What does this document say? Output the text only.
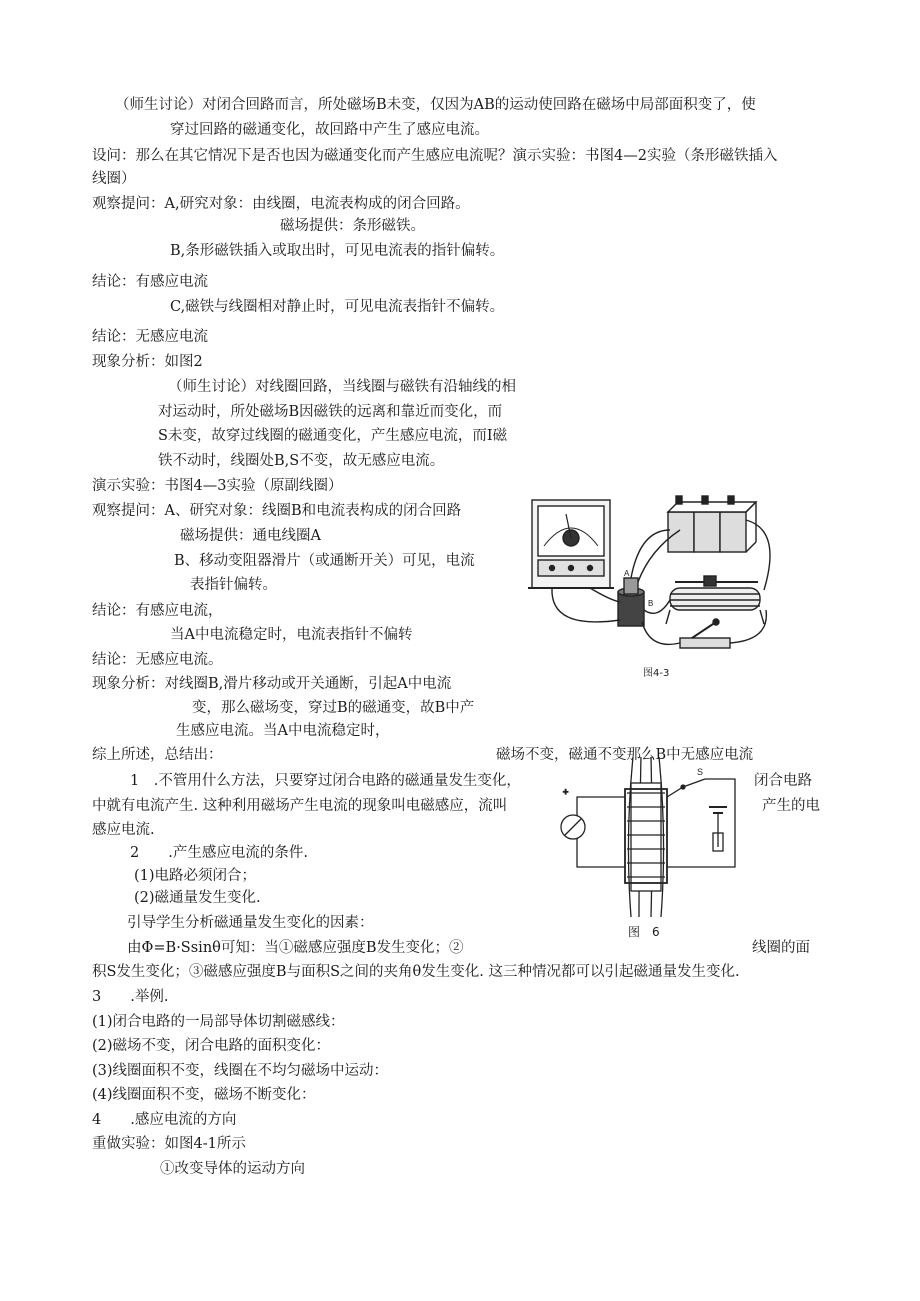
（师生讨论）对闭合回路而言，所处磁场B未变，仅因为AB的运动使回路在磁场中局部面积变了，使
穿过回路的磁通变化，故回路中产生了感应电流。
设问：那么在其它情况下是否也因为磁通变化而产生感应电流呢？演示实验：书图4—2实验（条形磁铁插入
线圈）
观察提问：A,研究对象：由线圈，电流表构成的闭合回路。
磁场提供：条形磁铁。
B,条形磁铁插入或取出时，可见电流表的指针偏转。
结论：有感应电流
C,磁铁与线圈相对静止时，可见电流表指针不偏转。
结论：无感应电流
现象分析：如图2
（师生讨论）对线圈回路，当线圈与磁铁有沿轴线的相
对运动时，所处磁场B因磁铁的远离和靠近而变化，而
S未变，故穿过线圈的磁通变化，产生感应电流，而I磁
铁不动时，线圈处B,S不变，故无感应电流。
演示实验：书图4—3实验（原副线圈）
观察提问：A、研究对象：线圈B和电流表构成的闭合回路
磁场提供：通电线圈A
B、移动变阻器滑片（或通断开关）可见，电流
表指针偏转。
结论：有感应电流，
当A中电流稳定时，电流表指针不偏转
结论：无感应电流。
现象分析：对线圈B,滑片移动或开关通断，引起A中电流
变，那么磁场变，穿过B的磁通变，故B中产
生感应电流。当A中电流稳定时，
综上所述，总结出：	磁场不变，磁通不变那么B中无感应电流
1　.不管用什么方法，只要穿过闭合电路的磁通量发生变化，	闭合电路
中就有电流产生. 这种利用磁场产生电流的现象叫电磁感应，流叫	产生的电
感应电流.
2　　.产生感应电流的条件.
(1)电路必须闭合；
(2)磁通量发生变化.
引导学生分析磁通量发生变化的因素：
由Φ=B·Ssinθ可知：当①磁感应强度B发生变化；②	线圈的面
积S发生变化；③磁感应强度B与面积S之间的夹角θ发生变化. 这三种情况都可以引起磁通量发生变化.
3　　.举例.
(1)闭合电路的一局部导体切割磁感线：
(2)磁场不变，闭合电路的面积变化：
(3)线圈面积不变，线圈在不均匀磁场中运动：
(4)线圈面积不变，磁场不断变化：
4　　.感应电流的方向
重做实验：如图4-1所示
①改变导体的运动方向
A
B
图4-3
+
S
图　6
